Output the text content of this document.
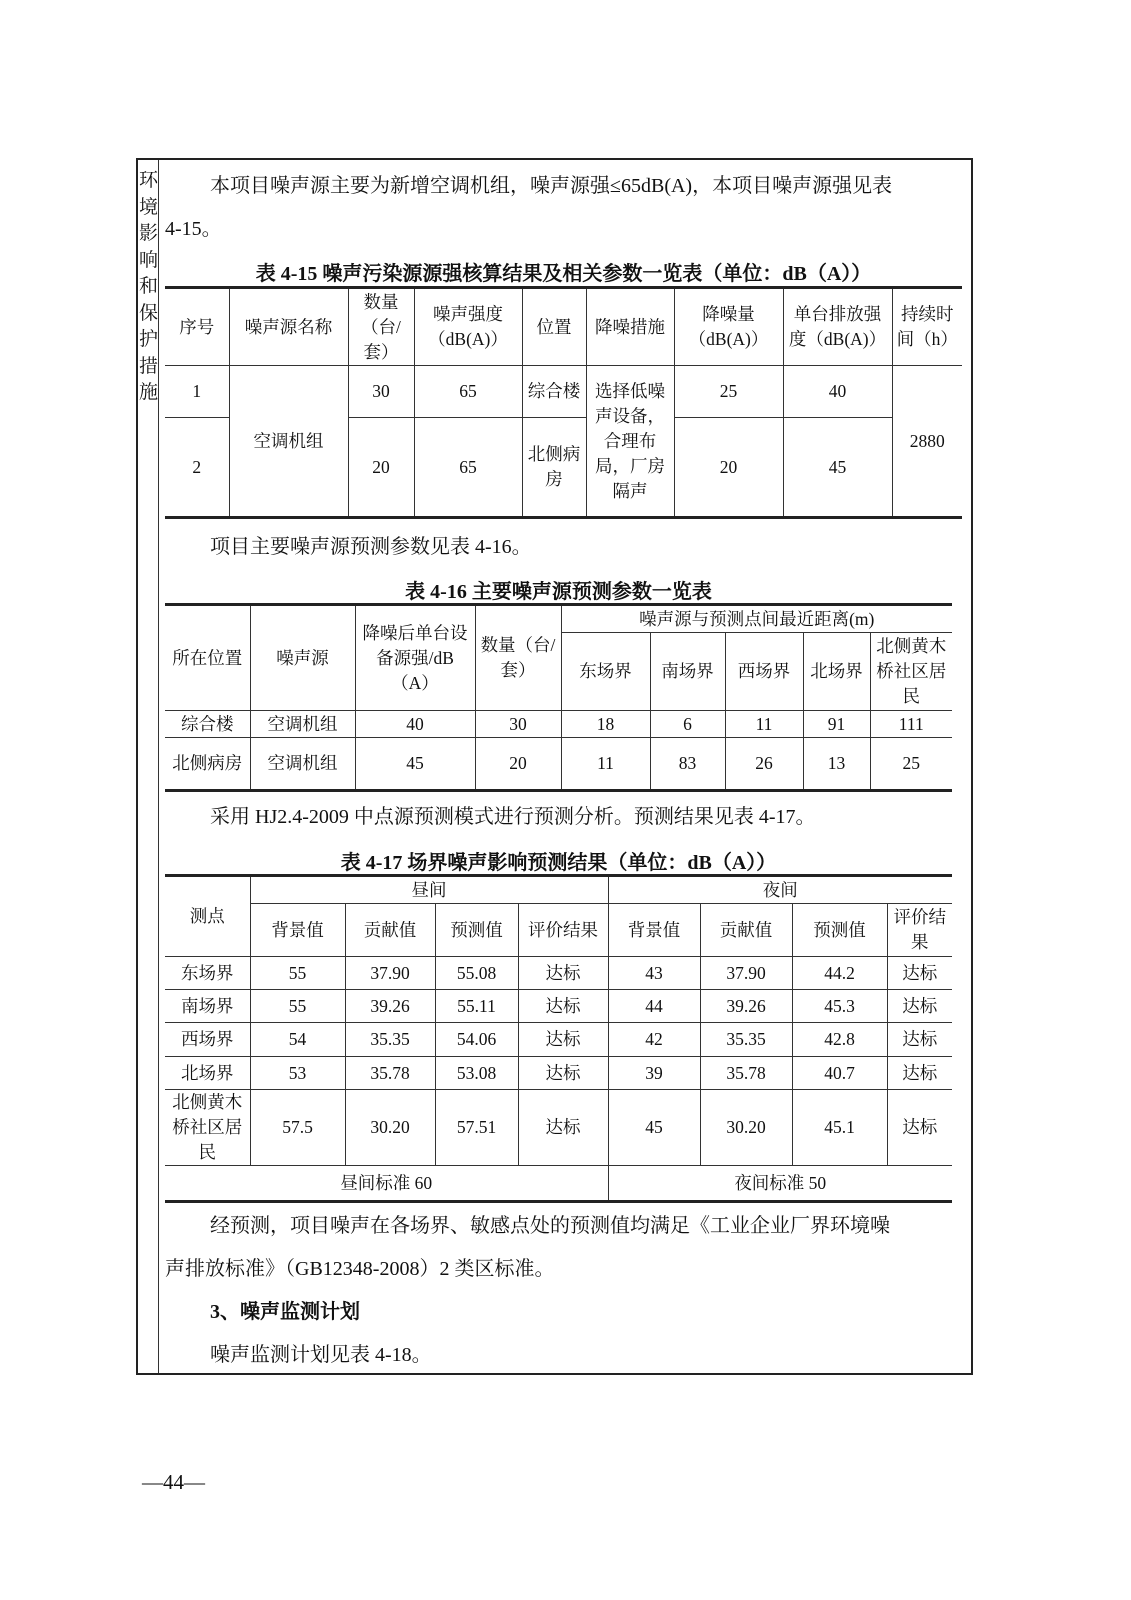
环
境
影
响
和
保
护
措
施
本项目噪声源主要为新增空调机组，噪声源强≤65dB(A)，本项目噪声源强见表
4-15。
表 4-15 噪声污染源源强核算结果及相关参数一览表（单位：dB（A））
序号	噪声源名称	数量（台/套）	噪声强度（dB(A)）	位置	降噪措施	降噪量（dB(A)）	单台排放强度（dB(A)）	持续时间（h）
1	空调机组	30	65	综合楼	选择低噪声设备，合理布局，厂房隔声	25	40	2880
2		20	65	北侧病房		20	45	
项目主要噪声源预测参数见表 4-16。
表 4-16 主要噪声源预测参数一览表
所在位置	噪声源	降噪后单台设备源强/dB（A）	数量（台/套）	噪声源与预测点间最近距离(m)				
				东场界	南场界	西场界	北场界	北侧黄木桥社区居民
综合楼	空调机组	40	30	18	6	11	91	111
北侧病房	空调机组	45	20	11	83	26	13	25
采用 HJ2.4-2009 中点源预测模式进行预测分析。预测结果见表 4-17。
表 4-17 场界噪声影响预测结果（单位：dB（A））
测点	昼间				夜间			
	背景值	贡献值	预测值	评价结果	背景值	贡献值	预测值	评价结果
东场界	55	37.90	55.08	达标	43	37.90	44.2	达标
南场界	55	39.26	55.11	达标	44	39.26	45.3	达标
西场界	54	35.35	54.06	达标	42	35.35	42.8	达标
北场界	53	35.78	53.08	达标	39	35.78	40.7	达标
北侧黄木桥社区居民	57.5	30.20	57.51	达标	45	30.20	45.1	达标
昼间标准 60					夜间标准 50			
经预测，项目噪声在各场界、敏感点处的预测值均满足《工业企业厂界环境噪
声排放标准》（GB12348-2008）2 类区标准。
3、噪声监测计划
噪声监测计划见表 4-18。
—44—
